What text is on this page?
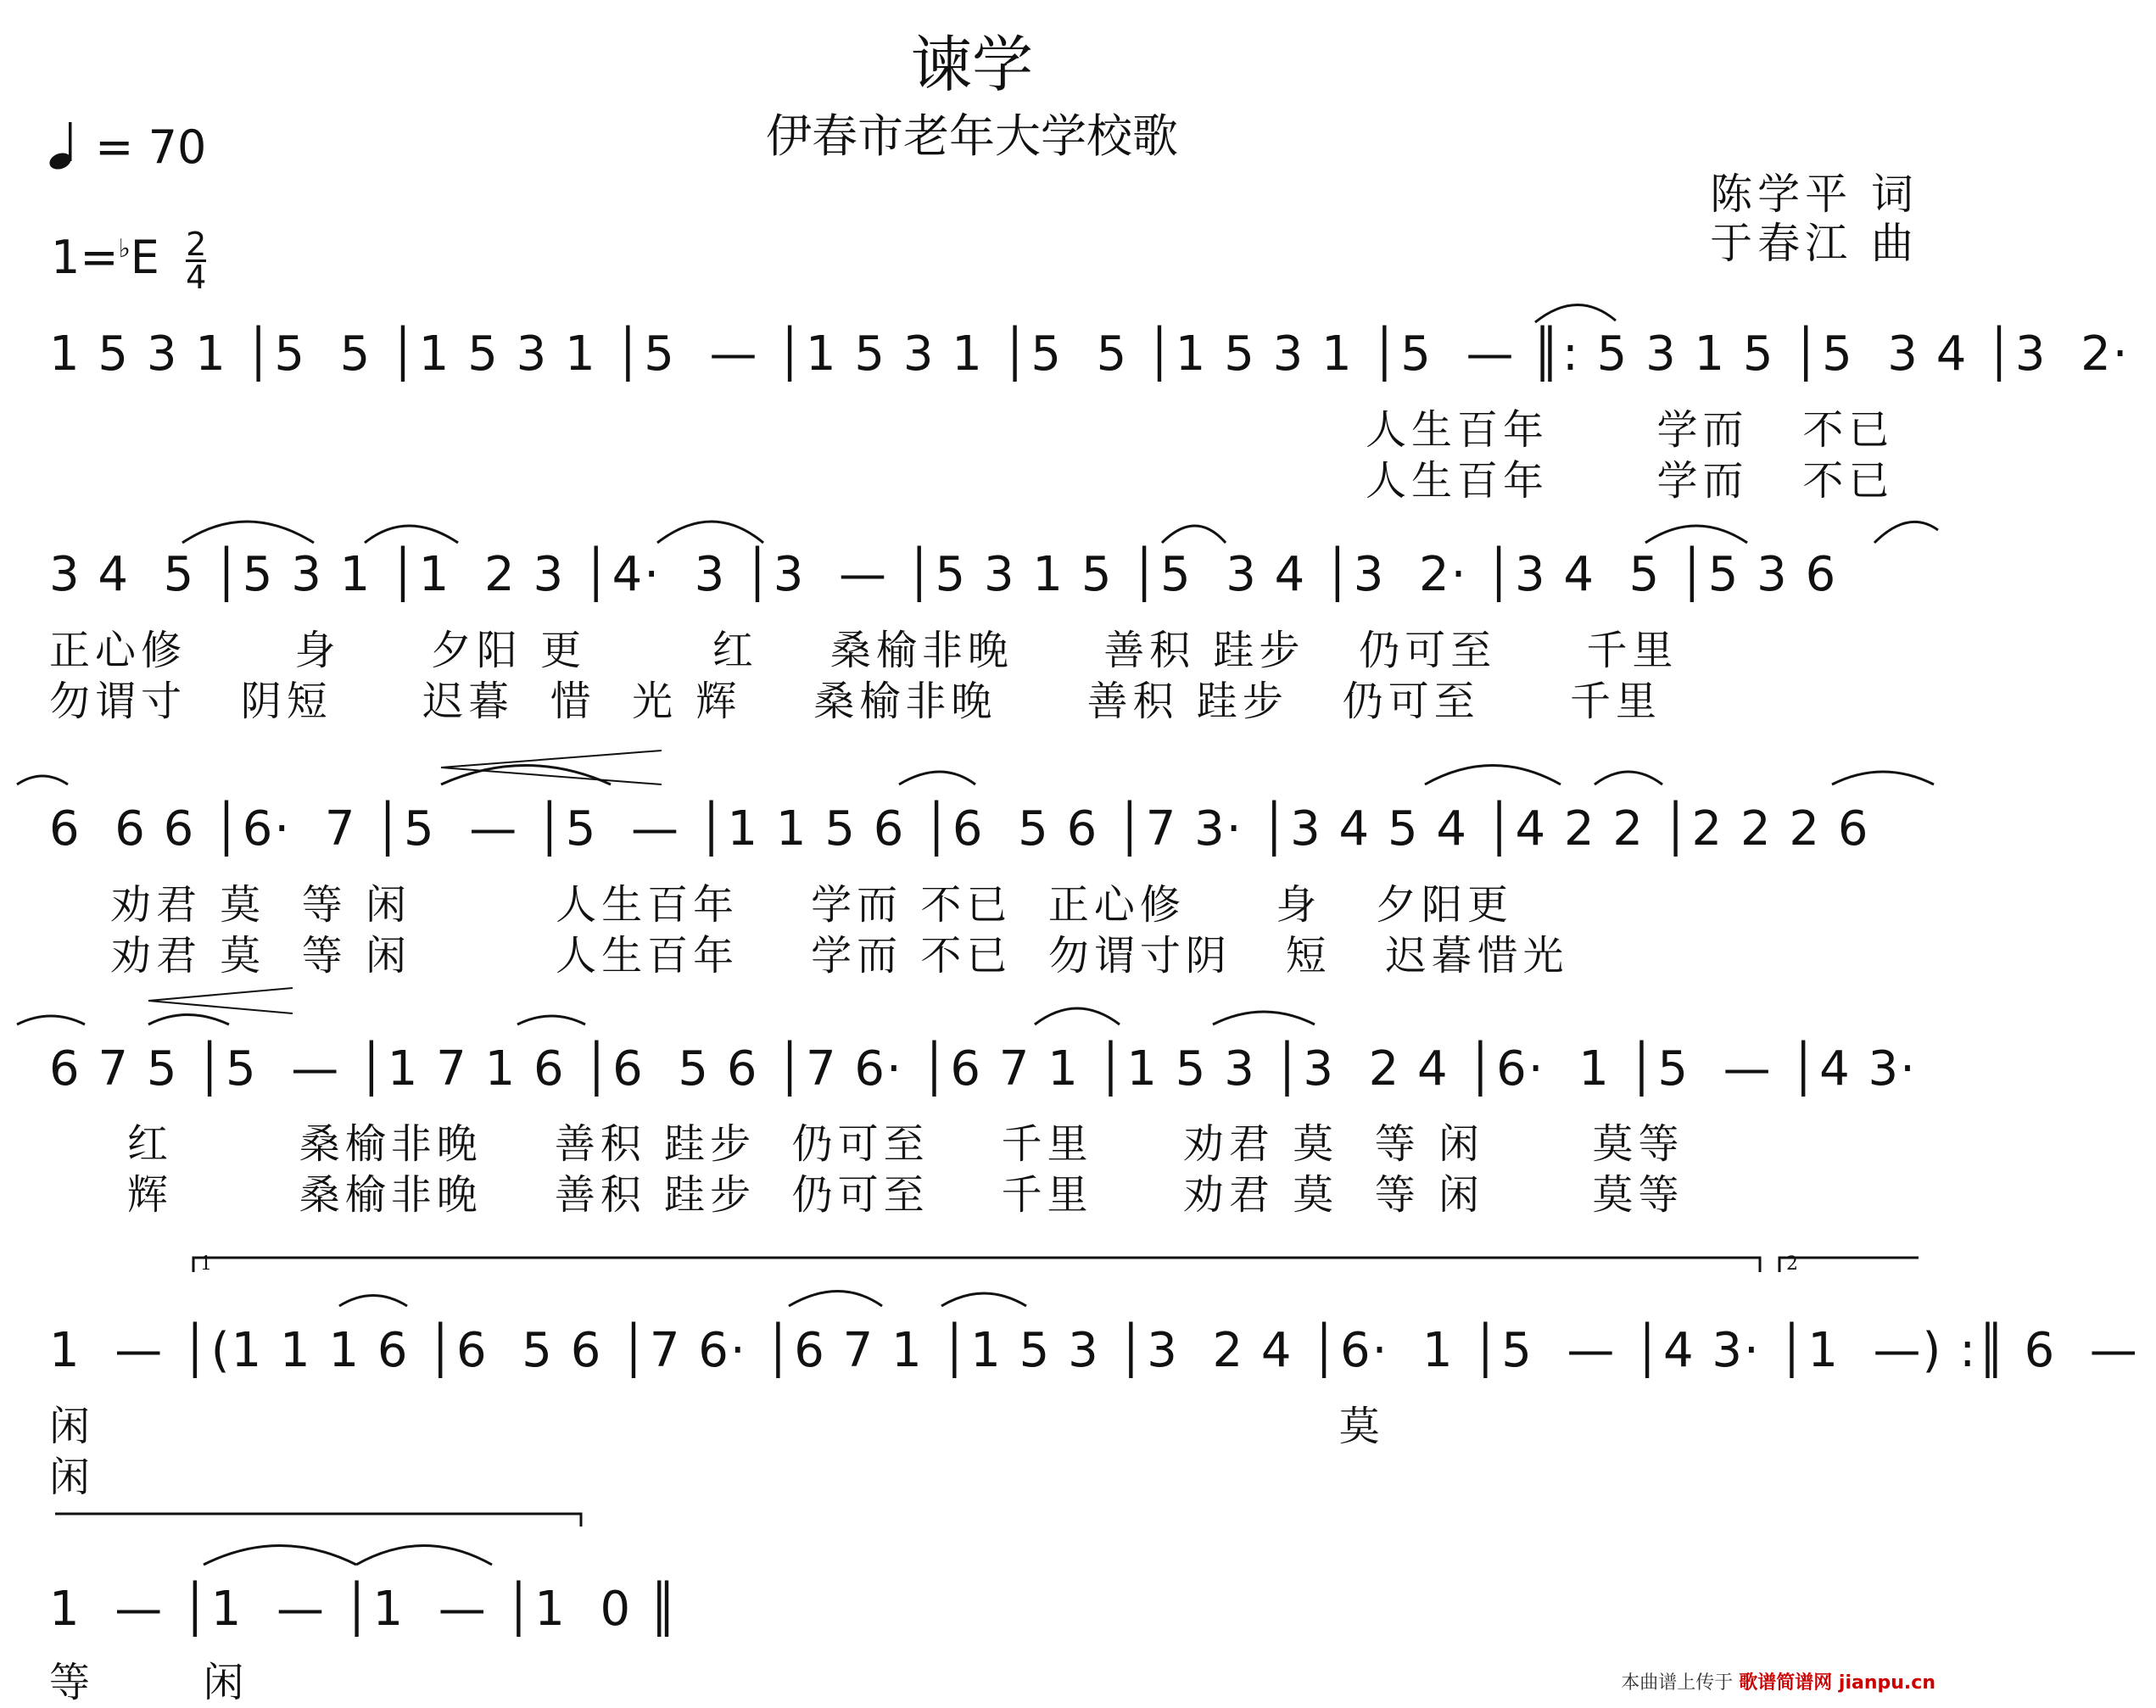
谏学
伊春市老年大学校歌
= 70
$1=^♭E \frac{2}{4}$
陈学平 词
于春江 曲
1 5 3 1 │5  5 │1 5 3 1 │5  — │1 5 3 1 │5  5 │1 5 3 1 │5  — ║: 5 3 1 5 │5  3 4 │3  2·
人生百年      学而   不已
人生百年      学而   不已
3 4  5 │5 3 1 │1  2 3 │4·  3 │3  — │5 3 1 5 │5  3 4 │3  2· │3 4  5 │5 3 6
正心修      身     夕阳 更       红    桑榆非晚     善积 跬步   仍可至     千里
勿谓寸   阴短     迟暮  惜  光 辉    桑榆非晚     善积 跬步   仍可至     千里
6  6 6 │6·  7 │5  — │5  — │1 1 5 6 │6  5 6 │7 3· │3 4 5 4 │4 2 2 │2 2 2 6
劝君 莫  等 闲        人生百年    学而 不已  正心修     身   夕阳更
劝君 莫  等 闲        人生百年    学而 不已  勿谓寸阴   短   迟暮惜光
6 7 5 │5  — │1 7 1 6 │6  5 6 │7 6· │6 7 1 │1 5 3 │3  2 4 │6·  1 │5  — │4 3·
红       桑榆非晚    善积 跬步  仍可至    千里     劝君 莫  等 闲      莫等
辉       桑榆非晚    善积 跬步  仍可至    千里     劝君 莫  等 闲      莫等
1	2
1  — │(1 1 1 6 │6  5 6 │7 6· │6 7 1 │1 5 3 │3  2 4 │6·  1 │5  — │4 3· │1  —) :║ 6  —
闲                                                                     莫
闲
1  — │1  — │1  — │1  0 ║
等      闲	本曲谱上传于 歌谱简谱网 jianpu.cn
